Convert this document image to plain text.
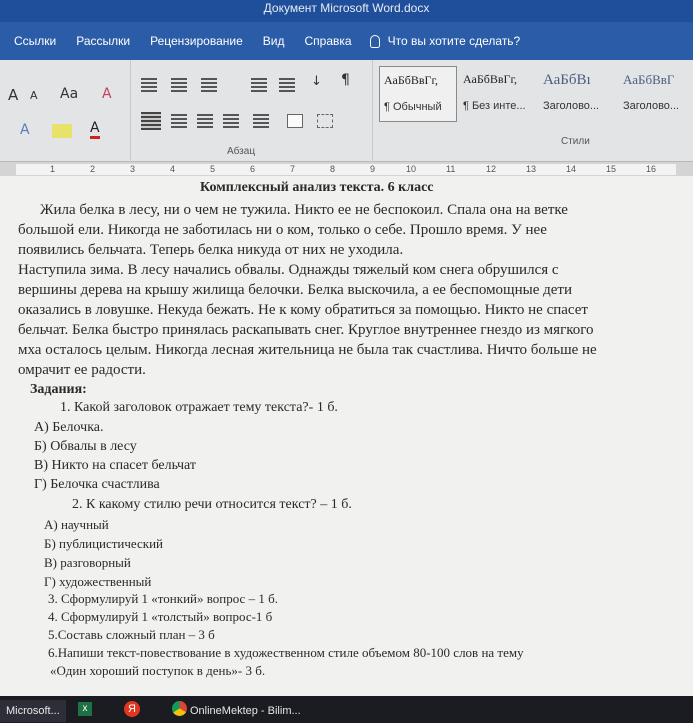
Документ Microsoft Word.docx
Ссылки	Рассылки	Рецензирование	Вид	Справка	Что вы хотите сделать?
A A Aa A
A	A
↓ ¶
Абзац
АаБбВвГг,
¶ Обычный
АаБбВвГг,
¶ Без инте...
АаБбВı
Заголово...
АаБбВвГ
Заголово...
Стили
1	2	3	4	5	6	7	8	9	10	11	12	13	14	15	16
Комплексный анализ текста. 6 класс
Жила белка в лесу, ни о чем не тужила. Никто ее не беспокоил. Спала она на ветке
большой ели. Никогда не заботилась ни о ком, только о себе. Прошло время. У нее
появились бельчата. Теперь белка никуда от них не уходила.
Наступила зима. В лесу начались обвалы. Однажды тяжелый ком снега обрушился с
вершины дерева на крышу жилища белочки. Белка выскочила, а ее беспомощные дети
оказались в ловушке. Некуда бежать. Не к кому обратиться за помощью. Никто не спасет
бельчат. Белка быстро принялась раскапывать снег. Круглое внутреннее гнездо из мягкого
мха осталось целым. Никогда лесная жительница не была так счастлива. Ничто больше не
омрачит ее радости.
Задания:
1. Какой заголовок отражает тему текста?- 1 б.
А) Белочка.
Б) Обвалы в лесу
В) Никто на спасет бельчат
Г) Белочка счастлива
2. К какому стилю речи относится текст? – 1 б.
А) научный
Б) публицистический
В) разговорный
Г) художественный
3. Сформулируй 1 «тонкий» вопрос – 1 б.
4. Сформулируй 1 «толстый» вопрос-1 б
5.Составь сложный план – 3 б
6.Напиши текст-повествование в художественном стиле объемом 80-100 слов на тему
«Один хороший поступок в день»- 3 б.
Microsoft...	x	Я	OnlineMektep - Bilim...
